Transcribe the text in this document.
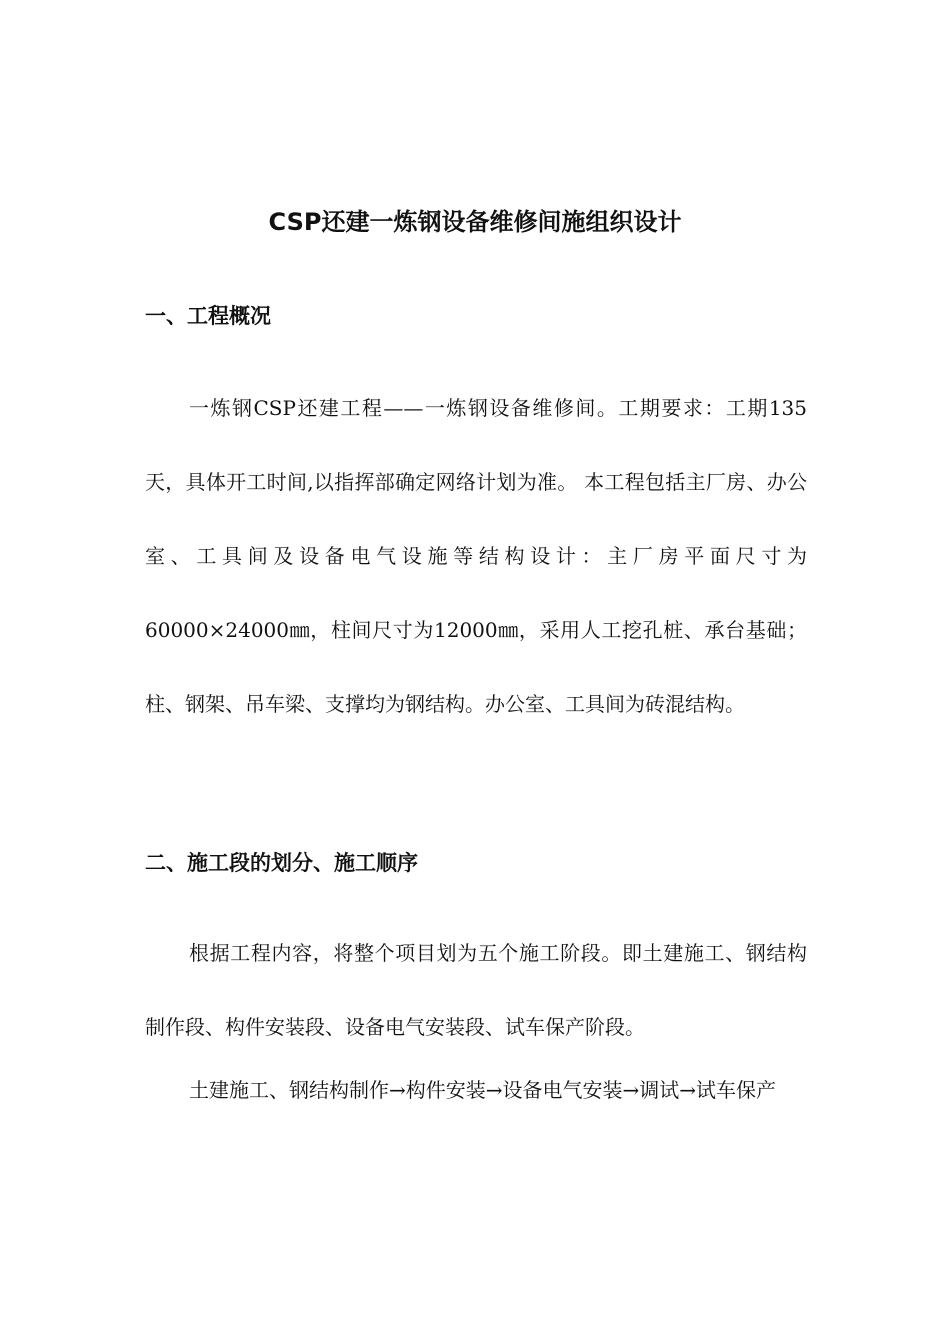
CSP还建一炼钢设备维修间施组织设计
一、工程概况

一炼钢CSP还建工程——一炼钢设备维修间。工期要求：工期135天，具体开工时间,以指挥部确定网络计划为准。 本工程包括主厂房、办公室、工具间及设备电气设施等结构设计：主厂房平面尺寸为60000×24000㎜，柱间尺寸为12000㎜，采用人工挖孔桩、承台基础；柱、钢架、吊车梁、支撑均为钢结构。办公室、工具间为砖混结构。

二、施工段的划分、施工顺序

根据工程内容，将整个项目划为五个施工阶段。即土建施工、钢结构制作段、构件安装段、设备电气安装段、试车保产阶段。

土建施工、钢结构制作→构件安装→设备电气安装→调试→试车保产
